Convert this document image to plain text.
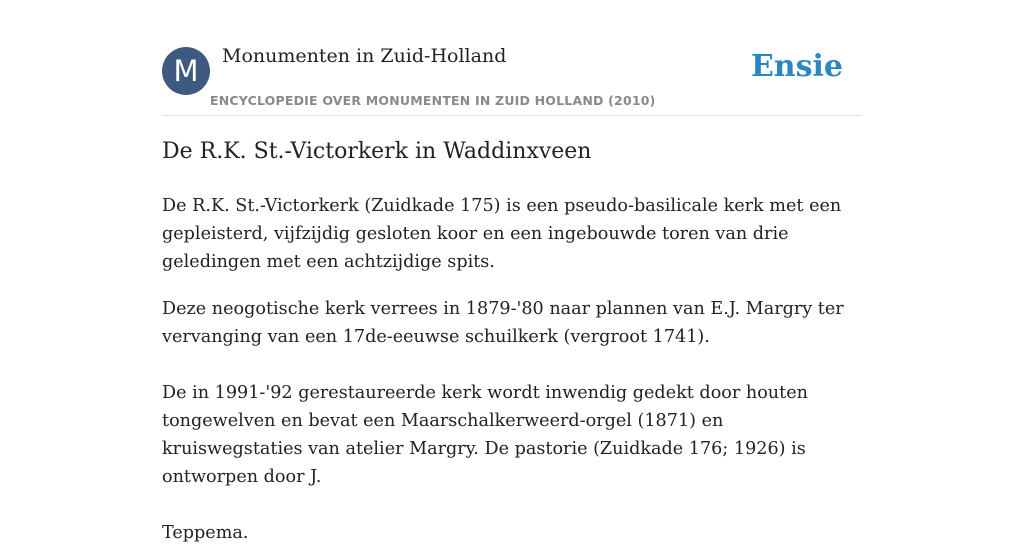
M	Monumenten in Zuid-Holland
ENCYCLOPEDIE OVER MONUMENTEN IN ZUID HOLLAND (2010)
Ensie
De R.K. St.-Victorkerk in Waddinxveen

De R.K. St.-Victorkerk (Zuidkade 175) is een pseudo-basilicale kerk met een gepleisterd, vijfzijdig gesloten koor en een ingebouwde toren van drie geledingen met een achtzijdige spits.

Deze neogotische kerk verrees in 1879-'80 naar plannen van E.J. Margry ter vervanging van een 17de-eeuwse schuilkerk (vergroot 1741).

De in 1991-'92 gerestaureerde kerk wordt inwendig gedekt door houten tongewelven en bevat een Maarschalkerweerd-orgel (1871) en kruiswegstaties van atelier Margry. De pastorie (Zuidkade 176; 1926) is ontworpen door J.

Teppema.
